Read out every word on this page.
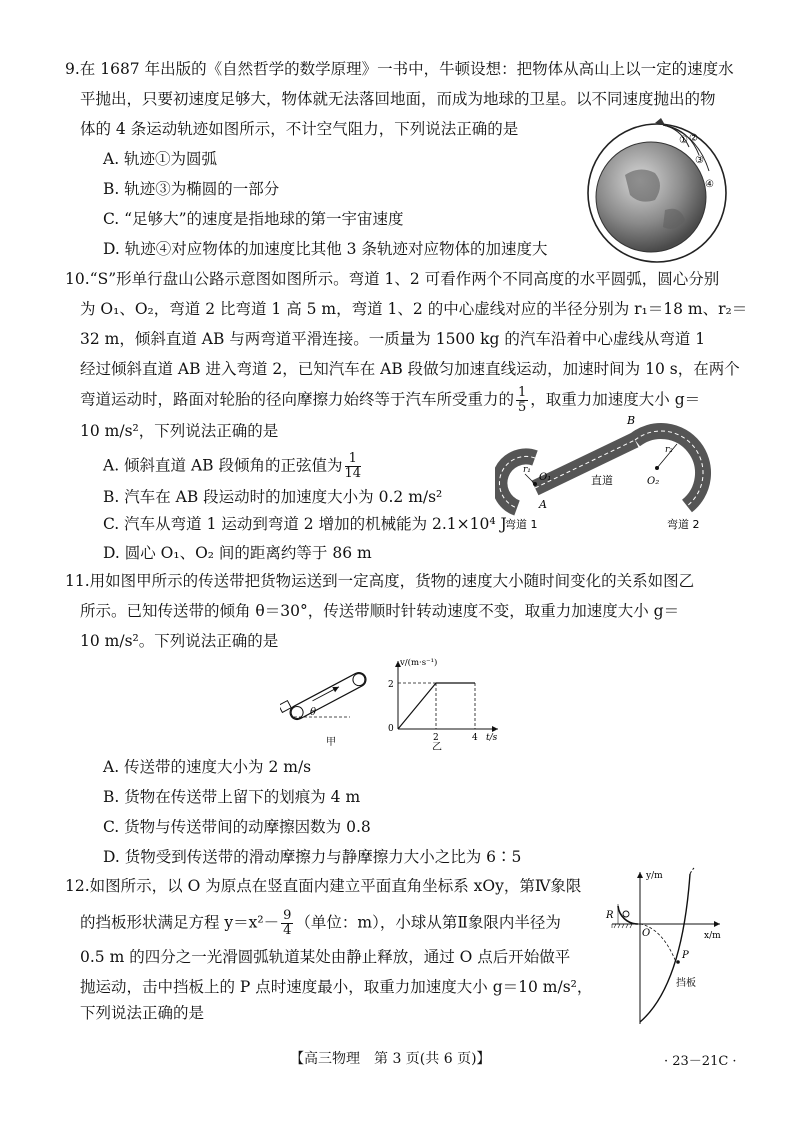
9.在 1687 年出版的《自然哲学的数学原理》一书中，牛顿设想：把物体从高山上以一定的速度水
平抛出，只要初速度足够大，物体就无法落回地面，而成为地球的卫星。以不同速度抛出的物
体的 4 条运动轨迹如图所示，不计空气阻力，下列说法正确的是
A. 轨迹①为圆弧
B. 轨迹③为椭圆的一部分
C. “足够大”的速度是指地球的第一宇宙速度
D. 轨迹④对应物体的加速度比其他 3 条轨迹对应物体的加速度大
① ②
③
④
10.“S”形单行盘山公路示意图如图所示。弯道 1、2 可看作两个不同高度的水平圆弧，圆心分别
为 O₁、O₂，弯道 2 比弯道 1 高 5 m，弯道 1、2 的中心虚线对应的半径分别为 r₁＝18 m、r₂＝
32 m，倾斜直道 AB 与两弯道平滑连接。一质量为 1500 kg 的汽车沿着中心虚线从弯道 1
经过倾斜直道 AB 进入弯道 2，已知汽车在 AB 段做匀加速直线运动，加速时间为 10 s，在两个
弯道运动时，路面对轮胎的径向摩擦力始终等于汽车所受重力的 $\frac{1}{5}$ ，取重力加速度大小 g＝
10 m/s²，下列说法正确的是
A. 倾斜直道 AB 段倾角的正弦值为 $\frac{1}{14}$
B. 汽车在 AB 段运动时的加速度大小为 0.2 m/s²
C. 汽车从弯道 1 运动到弯道 2 增加的机械能为 2.1×10⁴ J
D. 圆心 O₁、O₂ 间的距离约等于 86 m
B
A
O₁	O₂
r₁
r₂
直道
弯道 1	弯道 2
11.用如图甲所示的传送带把货物运送到一定高度，货物的速度大小随时间变化的关系如图乙
所示。已知传送带的倾角 θ＝30°，传送带顺时针转动速度不变，取重力加速度大小 g＝
10 m/s²。下列说法正确的是
θ
甲
v/(m·s⁻¹)
2
0
2	4 t/s
乙
A. 传送带的速度大小为 2 m/s
B. 货物在传送带上留下的划痕为 4 m
C. 货物与传送带间的动摩擦因数为 0.8
D. 货物受到传送带的滑动摩擦力与静摩擦力大小之比为 6∶5
12.如图所示，以 O 为原点在竖直面内建立平面直角坐标系 xOy，第Ⅳ象限
的挡板形状满足方程 $y=x^2- \frac{9}{4}$ （单位：m），小球从第Ⅱ象限内半径为
0.5 m 的四分之一光滑圆弧轨道某处由静止释放，通过 O 点后开始做平
抛运动，击中挡板上的 P 点时速度最小，取重力加速度大小 g＝10 m/s²，
下列说法正确的是
y/m
x/m
O
R
P
挡板
【高三物理　第 3 页(共 6 页)】	· 23－21C ·
